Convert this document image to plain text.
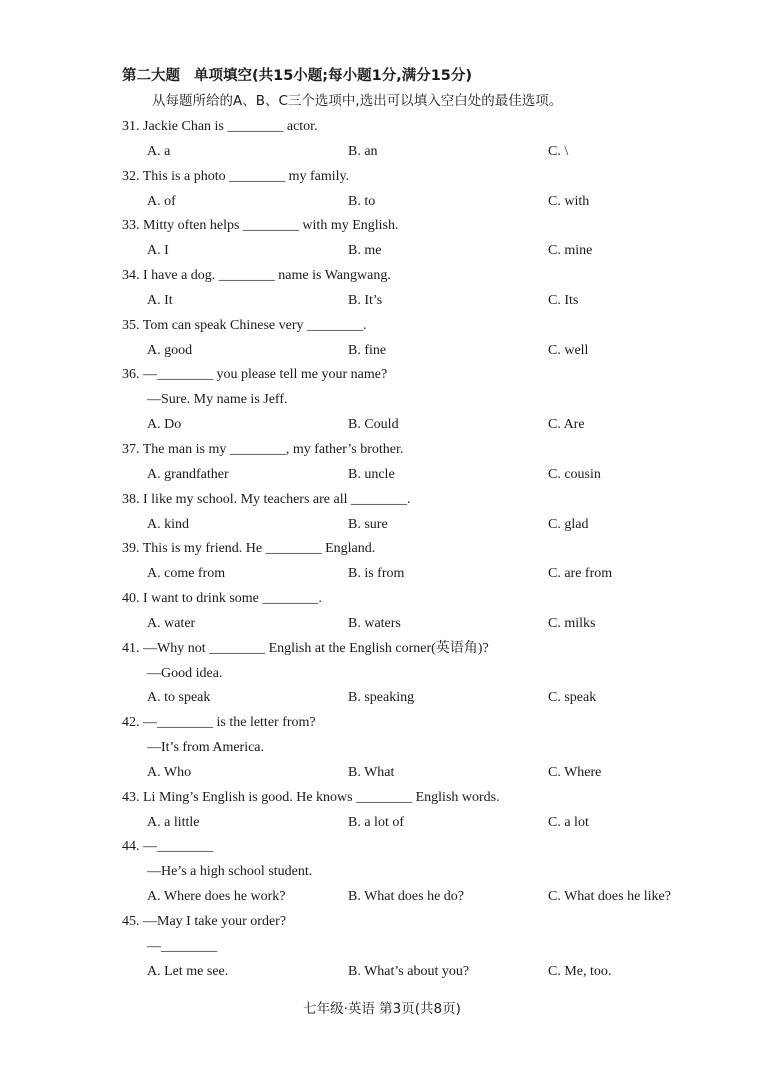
第二大题 单项填空(共15小题;每小题1分,满分15分)
从每题所给的A、B、C三个选项中,选出可以填入空白处的最佳选项。
31. Jackie Chan is ________ actor.
A. a	B. an	C. \
32. This is a photo ________ my family.
A. of	B. to	C. with
33. Mitty often helps ________ with my English.
A. I	B. me	C. mine
34. I have a dog. ________ name is Wangwang.
A. It	B. It’s	C. Its
35. Tom can speak Chinese very ________.
A. good	B. fine	C. well
36. —________ you please tell me your name?
—Sure. My name is Jeff.
A. Do	B. Could	C. Are
37. The man is my ________, my father’s brother.
A. grandfather	B. uncle	C. cousin
38. I like my school. My teachers are all ________.
A. kind	B. sure	C. glad
39. This is my friend. He ________ England.
A. come from	B. is from	C. are from
40. I want to drink some ________.
A. water	B. waters	C. milks
41. —Why not ________ English at the English corner(英语角)?
—Good idea.
A. to speak	B. speaking	C. speak
42. —________ is the letter from?
—It’s from America.
A. Who	B. What	C. Where
43. Li Ming’s English is good. He knows ________ English words.
A. a little	B. a lot of	C. a lot
44. —________
—He’s a high school student.
A. Where does he work?	B. What does he do?	C. What does he like?
45. —May I take your order?
—________
A. Let me see.	B. What’s about you?	C. Me, too.
七年级·英语 第3页(共8页)
